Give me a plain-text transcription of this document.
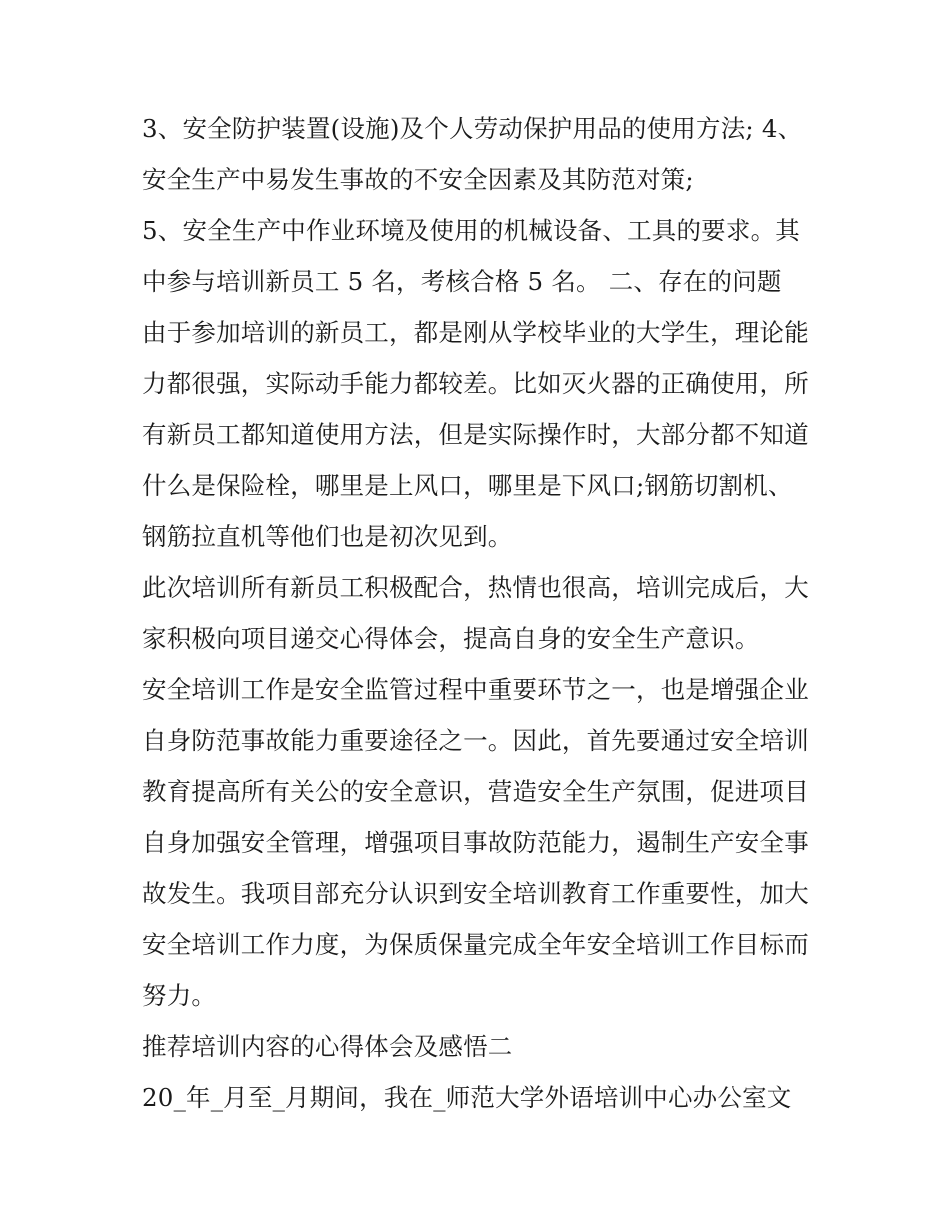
3、安全防护装置(设施)及个人劳动保护用品的使用方法; 4、
安全生产中易发生事故的不安全因素及其防范对策;
5、安全生产中作业环境及使用的机械设备、工具的要求。其
中参与培训新员工 5 名，考核合格 5 名。 二、存在的问题
由于参加培训的新员工，都是刚从学校毕业的大学生，理论能
力都很强，实际动手能力都较差。比如灭火器的正确使用，所
有新员工都知道使用方法，但是实际操作时，大部分都不知道
什么是保险栓，哪里是上风口，哪里是下风口;钢筋切割机、
钢筋拉直机等他们也是初次见到。
此次培训所有新员工积极配合，热情也很高，培训完成后，大
家积极向项目递交心得体会，提高自身的安全生产意识。
安全培训工作是安全监管过程中重要环节之一，也是增强企业
自身防范事故能力重要途径之一。因此，首先要通过安全培训
教育提高所有关公的安全意识，营造安全生产氛围，促进项目
自身加强安全管理，增强项目事故防范能力，遏制生产安全事
故发生。我项目部充分认识到安全培训教育工作重要性，加大
安全培训工作力度，为保质保量完成全年安全培训工作目标而
努力。
推荐培训内容的心得体会及感悟二
20_年_月至_月期间，我在_师范大学外语培训中心办公室文
